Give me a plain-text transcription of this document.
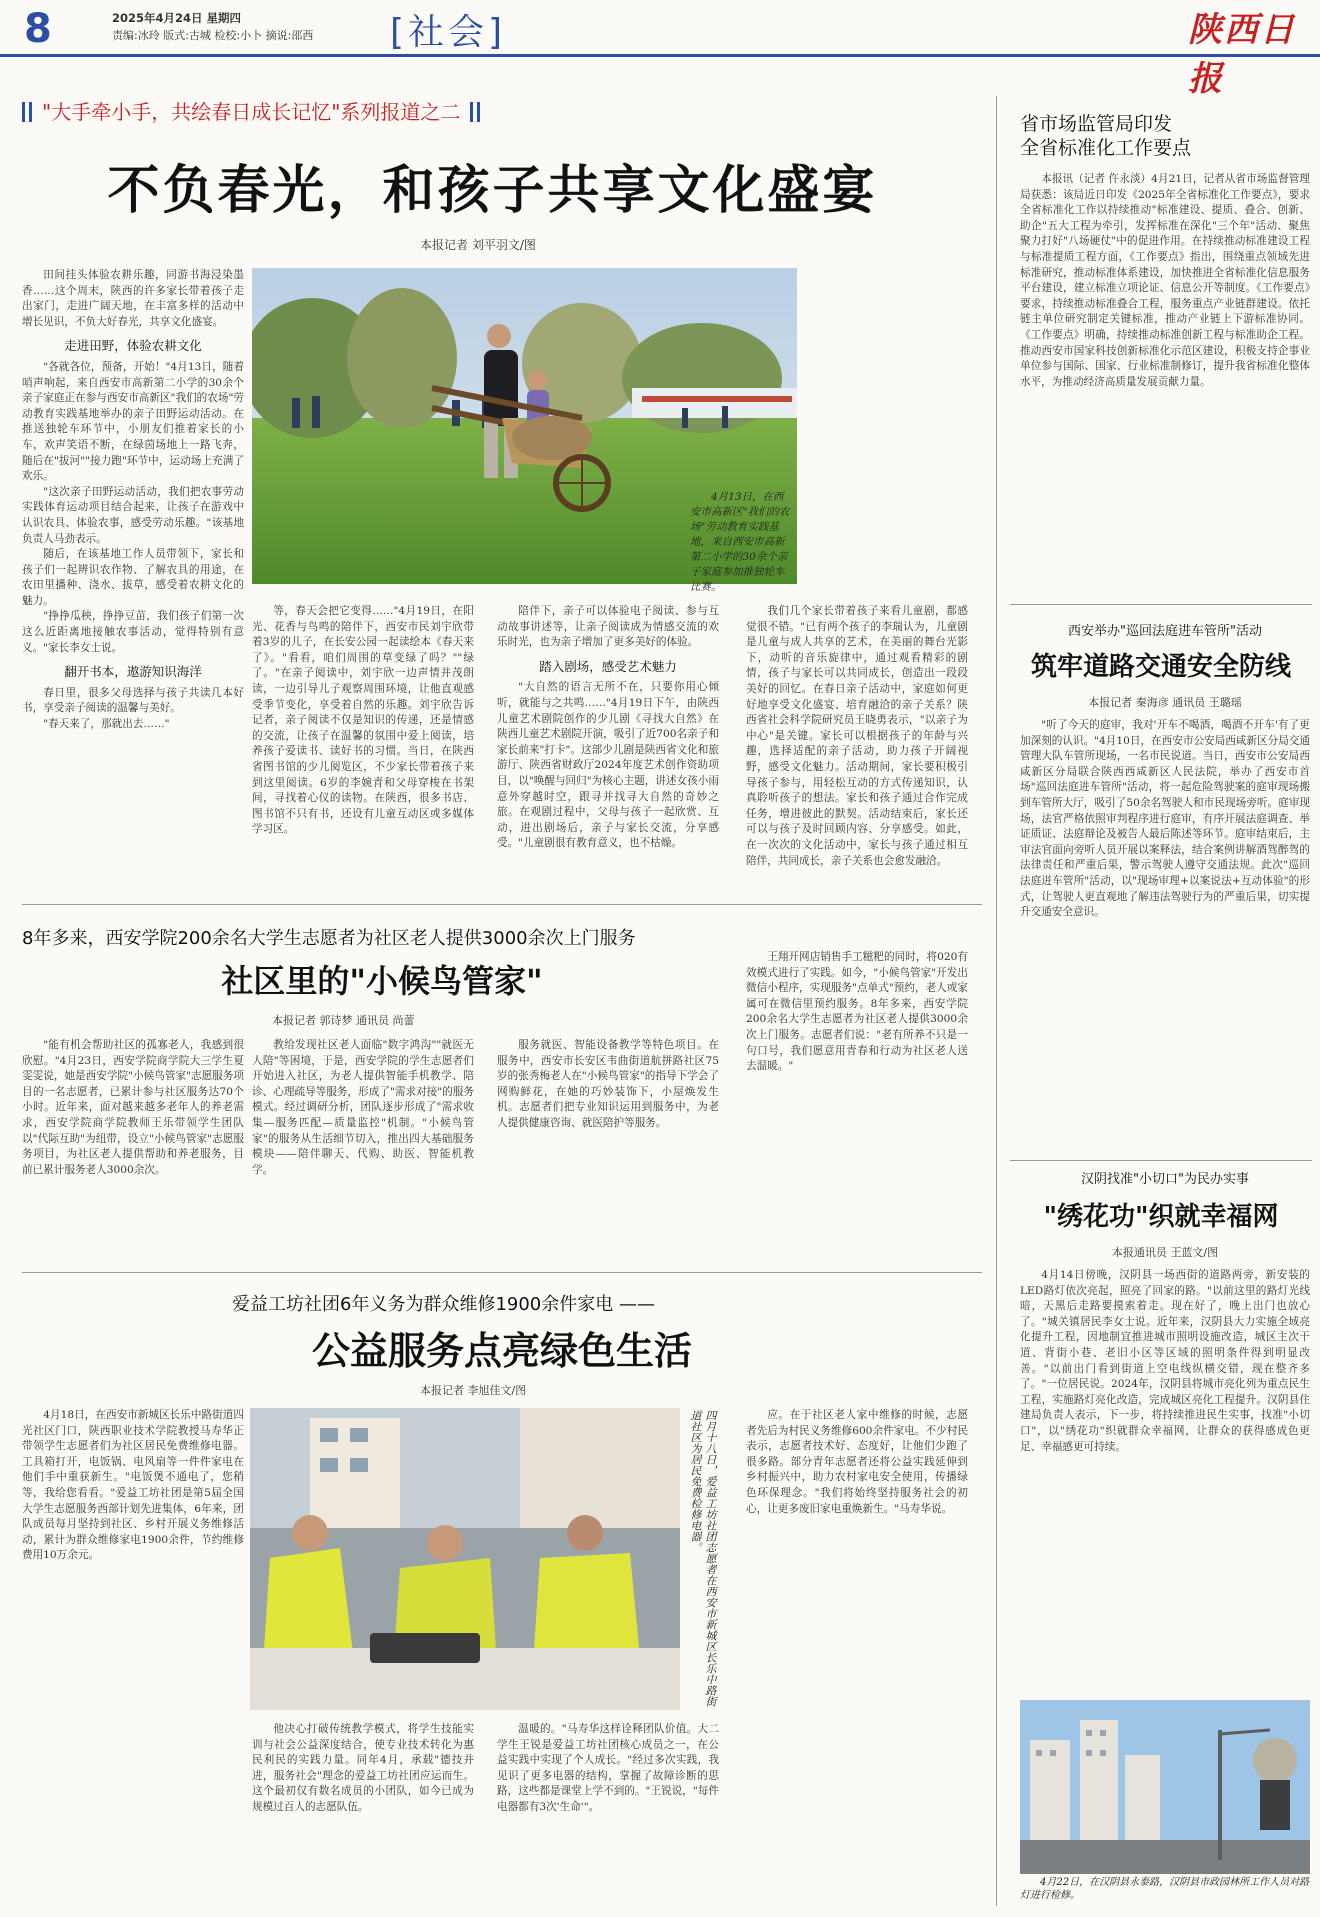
8	2025年4月24日 星期四
责编:冰玲 版式:古城 检校:小卜 摘说:邵西 [社会]	陕西日报
"大手牵小手，共绘春日成长记忆"系列报道之二
不负春光，和孩子共享文化盛宴
本报记者 刘平羽文/图

田间挂头体验农耕乐趣，同游书海浸染墨香……这个周末，陕西的许多家长带着孩子走出家门，走进广阔天地，在丰富多样的活动中增长见识，不负大好春光，共享文化盛宴。

走进田野，体验农耕文化

"各就各位，预备，开始！"4月13日，随着哨声响起，来自西安市高新第二小学的30余个亲子家庭正在参与西安市高新区"我们的农场"劳动教育实践基地举办的亲子田野运动活动。在推送独轮车环节中，小朋友们推着家长的小车，欢声笑语不断，在绿茵场地上一路飞奔，随后在"拔河""接力跑"环节中，运动场上充满了欢乐。

"这次亲子田野运动活动，我们把农事劳动实践体育运动项目结合起来，让孩子在游戏中认识农具、体验农事，感受劳动乐趣。"该基地负责人马劲表示。

随后，在该基地工作人员带领下，家长和孩子们一起辨识农作物、了解农具的用途，在农田里播种、浇水、拔草，感受着农耕文化的魅力。

"挣挣瓜秧，挣挣豆苗，我们孩子们第一次这么近距离地接触农事活动，觉得特别有意义。"家长李女士说。

翻开书本，遨游知识海洋

春日里，很多父母选择与孩子共读几本好书，享受亲子阅读的温馨与美好。

"春天来了，那就出去……"

4月13日，在西安市高新区"我们的农场"劳动教育实践基地，来自西安市高新第二小学的30余个亲子家庭参加推独轮车比赛。

等，春天会把它变得……"4月19日，在阳光、花香与鸟鸣的陪伴下，西安市民刘宇欣带着3岁的儿子，在长安公园一起读绘本《春天来了》。"看看，咱们周围的草变绿了吗？""绿了。"在亲子阅读中，刘宇欣一边声情并茂朗读，一边引导儿子观察周围环境，让他直观感受季节变化，享受着自然的乐趣。刘宇欣告诉记者，亲子阅读不仅是知识的传递，还是情感的交流，让孩子在温馨的氛围中爱上阅读，培养孩子爱读书、读好书的习惯。当日，在陕西省图书馆的少儿阅览区，不少家长带着孩子来到这里阅读。6岁的李婉青和父母穿梭在书架间，寻找着心仪的读物。在陕西，很多书店、图书馆不只有书，还设有儿童互动区或多媒体学习区。

陪伴下，亲子可以体验电子阅读、参与互动故事讲述等，让亲子阅读成为情感交流的欢乐时光，也为亲子增加了更多美好的体验。

踏入剧场，感受艺术魅力

"大自然的语言无所不在，只要你用心倾听，就能与之共鸣……"4月19日下午，由陕西儿童艺术剧院创作的少儿剧《寻找大自然》在陕西儿童艺术剧院开演，吸引了近700名亲子和家长前来"打卡"。这部少儿剧是陕西省文化和旅游厅、陕西省财政厅2024年度艺术创作资助项目，以"唤醒与回归"为核心主题，讲述女孩小雨意外穿越时空，跟寻并找寻大自然的奇妙之旅。在观剧过程中，父母与孩子一起欣赏、互动，进出剧场后，亲子与家长交流，分享感受。"儿童剧很有教育意义，也不枯燥。

我们几个家长带着孩子来看儿童剧，都感觉很不错。"已有两个孩子的李瑞认为，儿童剧是儿童与成人共享的艺术，在美丽的舞台光影下，动听的音乐旋律中，通过观看精彩的剧情，孩子与家长可以共同成长，创造出一段段美好的回忆。在春日亲子活动中，家庭如何更好地享受文化盛宴、培育融洽的亲子关系？陕西省社会科学院研究员王晓勇表示，"以亲子为中心"是关键。家长可以根据孩子的年龄与兴趣，选择适配的亲子活动，助力孩子开阔视野，感受文化魅力。活动期间，家长要积极引导孩子参与，用轻松互动的方式传递知识，认真聆听孩子的想法。家长和孩子通过合作完成任务，增进彼此的默契。活动结束后，家长还可以与孩子及时回顾内容、分享感受。如此，在一次次的文化活动中，家长与孩子通过相互陪伴，共同成长，亲子关系也会愈发融洽。

8年多来，西安学院200余名大学生志愿者为社区老人提供3000余次上门服务
社区里的"小候鸟管家"
本报记者 郭诗梦 通讯员 尚蕾

"能有机会帮助社区的孤寡老人，我感到很欣慰。"4月23日，西安学院商学院大三学生夏雯雯说，她是西安学院"小候鸟管家"志愿服务项目的一名志愿者，已累计参与社区服务达70个小时。近年来，面对越来越多老年人的养老需求，西安学院商学院教师王乐带领学生团队以"代际互助"为纽带，设立"小候鸟管家"志愿服务项目，为社区老人提供帮助和养老服务，目前已累计服务老人3000余次。

教给发现社区老人面临"数字鸿沟""就医无人陪"等困境，于是，西安学院的学生志愿者们开始进入社区，为老人提供智能手机教学、陪诊、心理疏导等服务，形成了"需求对接"的服务模式。经过调研分析，团队逐步形成了"需求收集—服务匹配—质量监控"机制。"小候鸟管家"的服务从生活细节切入，推出四大基础服务模块——陪伴聊天、代购、助医、智能机教学。

服务就医、智能设备教学等特色项目。在服务中，西安市长安区韦曲街道航拼路社区75岁的张秀梅老人在"小候鸟管家"的指导下学会了网购鲜花，在她的巧妙装饰下，小屋焕发生机。志愿者们把专业知识运用到服务中，为老人提供健康咨询、就医陪护等服务。

王翔开网店销售手工糍粑的同时，将020有效模式进行了实践。如今，"小候鸟管家"开发出微信小程序，实现服务"点单式"预约，老人或家属可在微信里预约服务。8年多来，西安学院200余名大学生志愿者为社区老人提供3000余次上门服务。志愿者们说："老有所养不只是一句口号，我们愿意用青春和行动为社区老人送去温暖。"

爱益工坊社团6年义务为群众维修1900余件家电 ——
公益服务点亮绿色生活
本报记者 李旭佳文/图

4月18日，在西安市新城区长乐中路街道四光社区门口，陕西职业技术学院教授马寿华正带领学生志愿者们为社区居民免费维修电器。工具箱打开，电饭锅、电风扇等一件件家电在他们手中重获新生。"电饭煲不通电了，您稍等，我给您看看。"爱益工坊社团是第5届全国大学生志愿服务西部计划先进集体，6年来，团队成员每月坚持到社区、乡村开展义务维修活动，累计为群众维修家电1900余件，节约维修费用10万余元。	四月十八日，爱益工坊社团志愿者在西安市新城区长乐中路街道社区为居民免费检修电器。

他决心打破传统教学模式，将学生技能实训与社会公益深度结合，使专业技术转化为惠民利民的实践力量。同年4月，承载"德技并进，服务社会"理念的爱益工坊社团应运而生。这个最初仅有数名成员的小团队，如今已成为规模过百人的志愿队伍。

温暖的。"马寿华这样诠释团队价值。大二学生王锐是爱益工坊社团核心成员之一，在公益实践中实现了个人成长。"经过多次实践，我见识了更多电器的结构，掌握了故障诊断的思路，这些都是课堂上学不到的。"王锐说，"每件电器都有3次'生命'"。

应。在于社区老人家中维修的时候，志愿者先后为村民义务维修600余件家电。不少村民表示，志愿者技术好、态度好，让他们少跑了很多路。部分青年志愿者还将公益实践延伸到乡村振兴中，助力农村家电安全使用，传播绿色环保理念。"我们将始终坚持服务社会的初心，让更多废旧家电重焕新生。"马寿华说。

省市场监管局印发
全省标准化工作要点

本报讯（记者 仵永淡）4月21日，记者从省市场监督管理局获悉：该局近日印发《2025年全省标准化工作要点》，要求全省标准化工作以持续推动"标准建设、提质、叠合、创新、助企"五大工程为牵引，发挥标准在深化"三个年"活动、聚焦聚力打好"八场硬仗"中的促进作用。在持续推动标准建设工程与标准提质工程方面，《工作要点》指出，围绕重点领域先进标准研究，推动标准体系建设，加快推进全省标准化信息服务平台建设，建立标准立项论证、信息公开等制度。《工作要点》要求，持续推动标准叠合工程，服务重点产业链群建设。依托链主单位研究制定关键标准，推动产业链上下游标准协同。《工作要点》明确，持续推动标准创新工程与标准助企工程。推动西安市国家科技创新标准化示范区建设，积极支持企事业单位参与国际、国家、行业标准制修订，提升我省标准化整体水平，为推动经济高质量发展贡献力量。

西安举办"巡回法庭进车管所"活动
筑牢道路交通安全防线
本报记者 秦海彦 通讯员 王璐瑶

"听了今天的庭审，我对'开车不喝酒，喝酒不开车'有了更加深刻的认识。"4月10日，在西安市公安局西咸新区分局交通管理大队车管所现场，一名市民说道。当日，西安市公安局西咸新区分局联合陕西西咸新区人民法院，举办了西安市首场"巡回法庭进车管所"活动，将一起危险驾驶案的庭审现场搬到车管所大厅，吸引了50余名驾驶人和市民现场旁听。庭审现场，法官严格依照审判程序进行庭审，有序开展法庭调查、举证质证、法庭辩论及被告人最后陈述等环节。庭审结束后，主审法官面向旁听人员开展以案释法，结合案例讲解酒驾醉驾的法律责任和严重后果，警示驾驶人遵守交通法规。此次"巡回法庭进车管所"活动，以"现场审理+以案说法+互动体验"的形式，让驾驶人更直观地了解违法驾驶行为的严重后果，切实提升交通安全意识。

汉阴找准"小切口"为民办实事
"绣花功"织就幸福网
本报通讯员 王蓝文/图

4月14日傍晚，汉阴县一场西街的道路两旁，新安装的LED路灯依次亮起，照亮了回家的路。"以前这里的路灯光线暗，天黑后走路要摸索着走。现在好了，晚上出门也放心了。"城关镇居民李女士说。近年来，汉阴县大力实施全域亮化提升工程，因地制宜推进城市照明设施改造，城区主次干道、背街小巷、老旧小区等区域的照明条件得到明显改善。"以前出门看到街道上空电线纵横交错，现在整齐多了。"一位居民说。2024年，汉阴县将城市亮化列为重点民生工程，实施路灯亮化改造，完成城区亮化工程提升。汉阴县住建局负责人表示，下一步，将持续推进民生实事，找准"小切口"，以"绣花功"织就群众幸福网，让群众的获得感成色更足、幸福感更可持续。

4月22日，在汉阴县永泰路，汉阴县市政园林所工作人员对路灯进行检修。
